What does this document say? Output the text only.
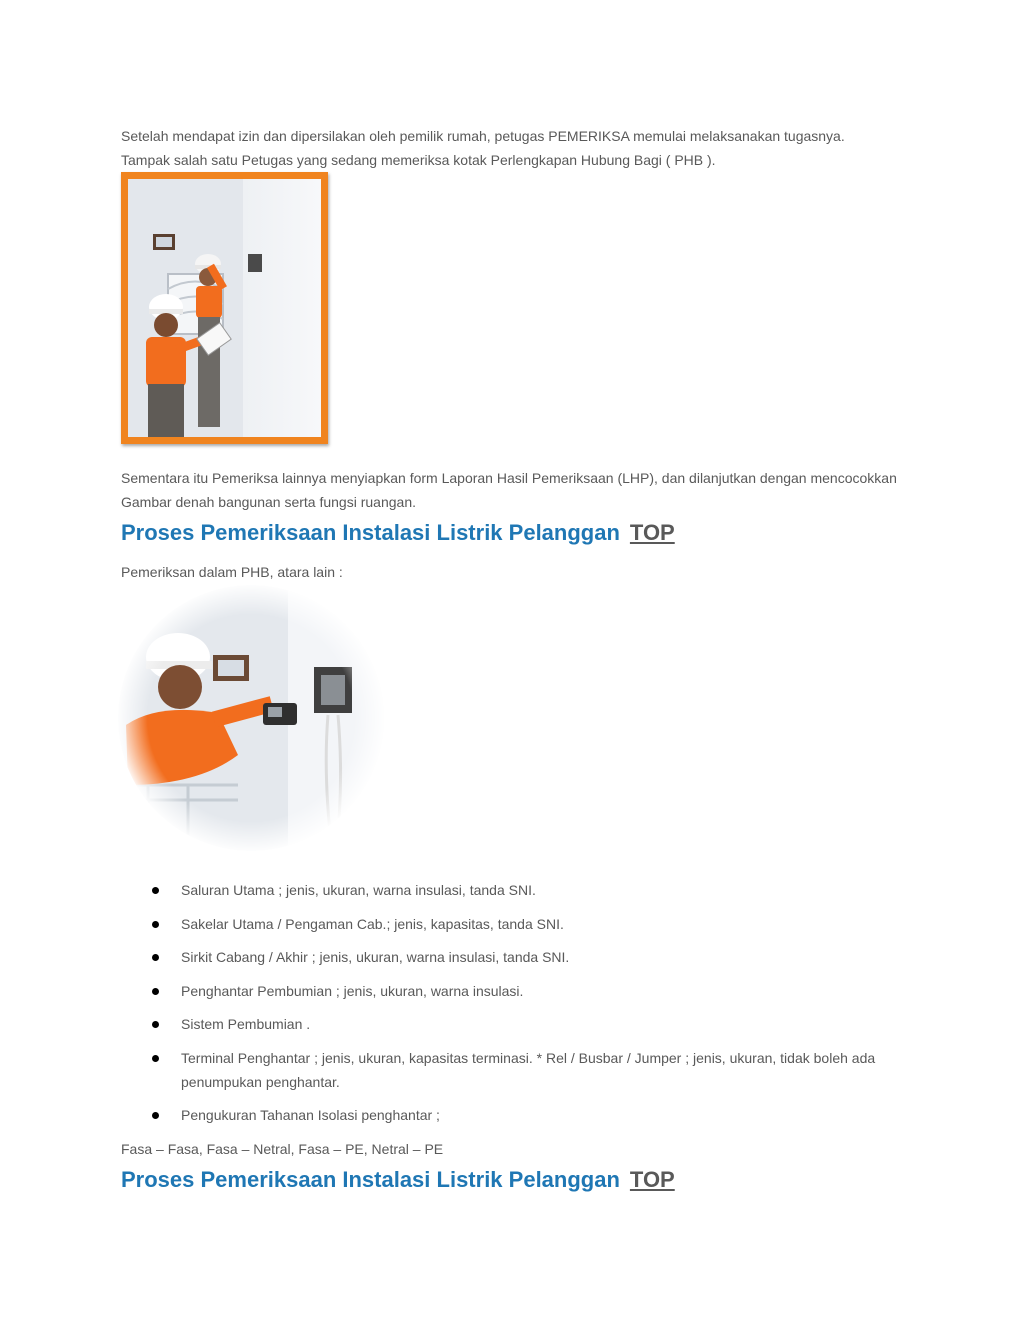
Setelah mendapat izin dan dipersilakan oleh pemilik rumah, petugas PEMERIKSA memulai melaksanakan tugasnya.
Tampak salah satu Petugas yang sedang memeriksa kotak Perlengkapan Hubung Bagi ( PHB ).

Sementara itu Pemeriksa lainnya menyiapkan form Laporan Hasil Pemeriksaan (LHP), dan dilanjutkan dengan mencocokkan Gambar denah bangunan serta fungsi ruangan.

Proses Pemeriksaan Instalasi Listrik Pelanggan TOP

Pemeriksan dalam PHB, atara lain :

Saluran Utama ; jenis, ukuran, warna insulasi, tanda SNI.
Sakelar Utama / Pengaman Cab.; jenis, kapasitas, tanda SNI.
Sirkit Cabang / Akhir ; jenis, ukuran, warna insulasi, tanda SNI.
Penghantar Pembumian ; jenis, ukuran, warna insulasi.
Sistem Pembumian .
Terminal Penghantar ; jenis, ukuran, kapasitas terminasi. * Rel / Busbar / Jumper ; jenis, ukuran, tidak boleh ada penumpukan penghantar.
Pengukuran Tahanan Isolasi penghantar ;

Fasa – Fasa, Fasa – Netral, Fasa – PE, Netral – PE

Proses Pemeriksaan Instalasi Listrik Pelanggan TOP
